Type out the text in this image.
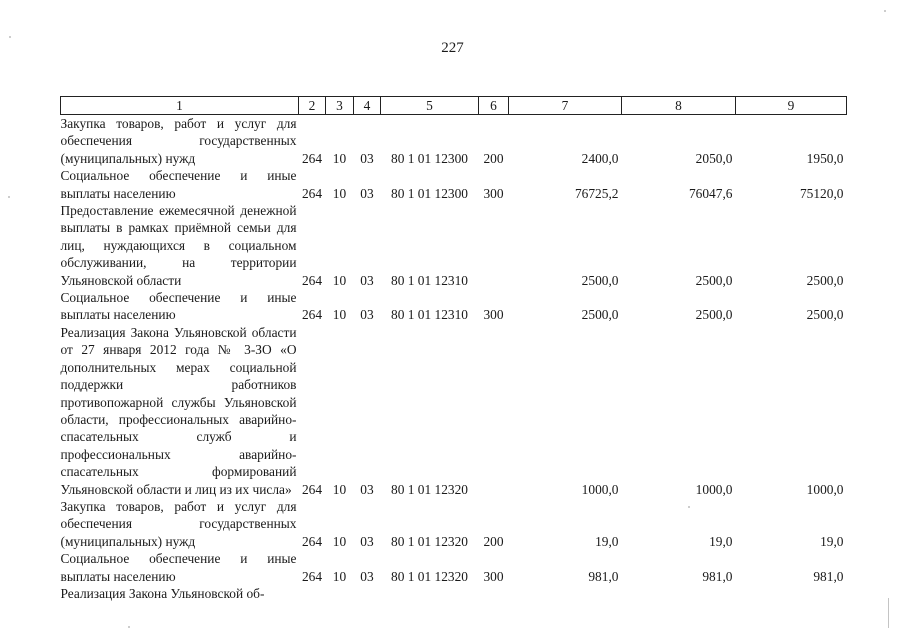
227
1	2	3	4	5	6	7	8	9
Закупка товаров, работ и услуг для обеспечения государственных (муниципальных) нужд	264	10	03	80 1 01 12300	200	2400,0	2050,0	1950,0
Социальное обеспечение и иные выплаты населению	264	10	03	80 1 01 12300	300	76725,2	76047,6	75120,0
Предоставление ежемесячной денежной выплаты в рамках приёмной семьи для лиц, нуждающихся в социальном обслуживании, на территории Ульяновской области	264	10	03	80 1 01 12310		2500,0	2500,0	2500,0
Социальное обеспечение и иные выплаты населению	264	10	03	80 1 01 12310	300	2500,0	2500,0	2500,0
Реализация Закона Ульяновской области от 27 января 2012 года № 3-ЗО «О дополнительных мерах социальной поддержки работников противопожарной службы Ульяновской области, профессиональных аварийно-спасательных служб и профессиональных аварийно-спасательных формирований Ульяновской области и лиц из их числа»	264	10	03	80 1 01 12320		1000,0	1000,0	1000,0
Закупка товаров, работ и услуг для обеспечения государственных (муниципальных) нужд	264	10	03	80 1 01 12320	200	19,0	19,0	19,0
Социальное обеспечение и иные выплаты населению	264	10	03	80 1 01 12320	300	981,0	981,0	981,0
Реализация Закона Ульяновской об-								
